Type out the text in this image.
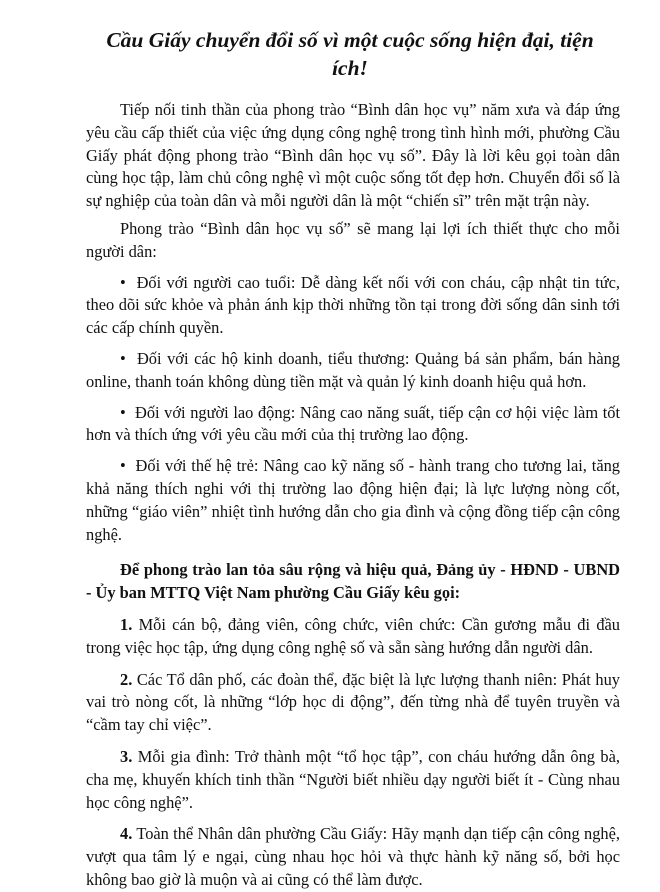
Cầu Giấy chuyển đổi số vì một cuộc sống hiện đại, tiện ích!

Tiếp nối tinh thần của phong trào “Bình dân học vụ” năm xưa và đáp ứng yêu cầu cấp thiết của việc ứng dụng công nghệ trong tình hình mới, phường Cầu Giấy phát động phong trào “Bình dân học vụ số”. Đây là lời kêu gọi toàn dân cùng học tập, làm chủ công nghệ vì một cuộc sống tốt đẹp hơn. Chuyển đổi số là sự nghiệp của toàn dân và mỗi người dân là một “chiến sĩ” trên mặt trận này.

Phong trào “Bình dân học vụ số” sẽ mang lại lợi ích thiết thực cho mỗi người dân:

• Đối với người cao tuổi: Dễ dàng kết nối với con cháu, cập nhật tin tức, theo dõi sức khỏe và phản ánh kịp thời những tồn tại trong đời sống dân sinh tới các cấp chính quyền.

• Đối với các hộ kinh doanh, tiểu thương: Quảng bá sản phẩm, bán hàng online, thanh toán không dùng tiền mặt và quản lý kinh doanh hiệu quả hơn.

• Đối với người lao động: Nâng cao năng suất, tiếp cận cơ hội việc làm tốt hơn và thích ứng với yêu cầu mới của thị trường lao động.

• Đối với thế hệ trẻ: Nâng cao kỹ năng số - hành trang cho tương lai, tăng khả năng thích nghi với thị trường lao động hiện đại; là lực lượng nòng cốt, những “giáo viên” nhiệt tình hướng dẫn cho gia đình và cộng đồng tiếp cận công nghệ.

Để phong trào lan tỏa sâu rộng và hiệu quả, Đảng ủy - HĐND - UBND - Ủy ban MTTQ Việt Nam phường Cầu Giấy kêu gọi:

1. Mỗi cán bộ, đảng viên, công chức, viên chức: Cần gương mẫu đi đầu trong việc học tập, ứng dụng công nghệ số và sẵn sàng hướng dẫn người dân.

2. Các Tổ dân phố, các đoàn thể, đặc biệt là lực lượng thanh niên: Phát huy vai trò nòng cốt, là những “lớp học di động”, đến từng nhà để tuyên truyền và “cầm tay chỉ việc”.

3. Mỗi gia đình: Trở thành một “tổ học tập”, con cháu hướng dẫn ông bà, cha mẹ, khuyến khích tinh thần “Người biết nhiều dạy người biết ít - Cùng nhau học công nghệ”.

4. Toàn thể Nhân dân phường Cầu Giấy: Hãy mạnh dạn tiếp cận công nghệ, vượt qua tâm lý e ngại, cùng nhau học hỏi và thực hành kỹ năng số, bởi học không bao giờ là muộn và ai cũng có thể làm được.
